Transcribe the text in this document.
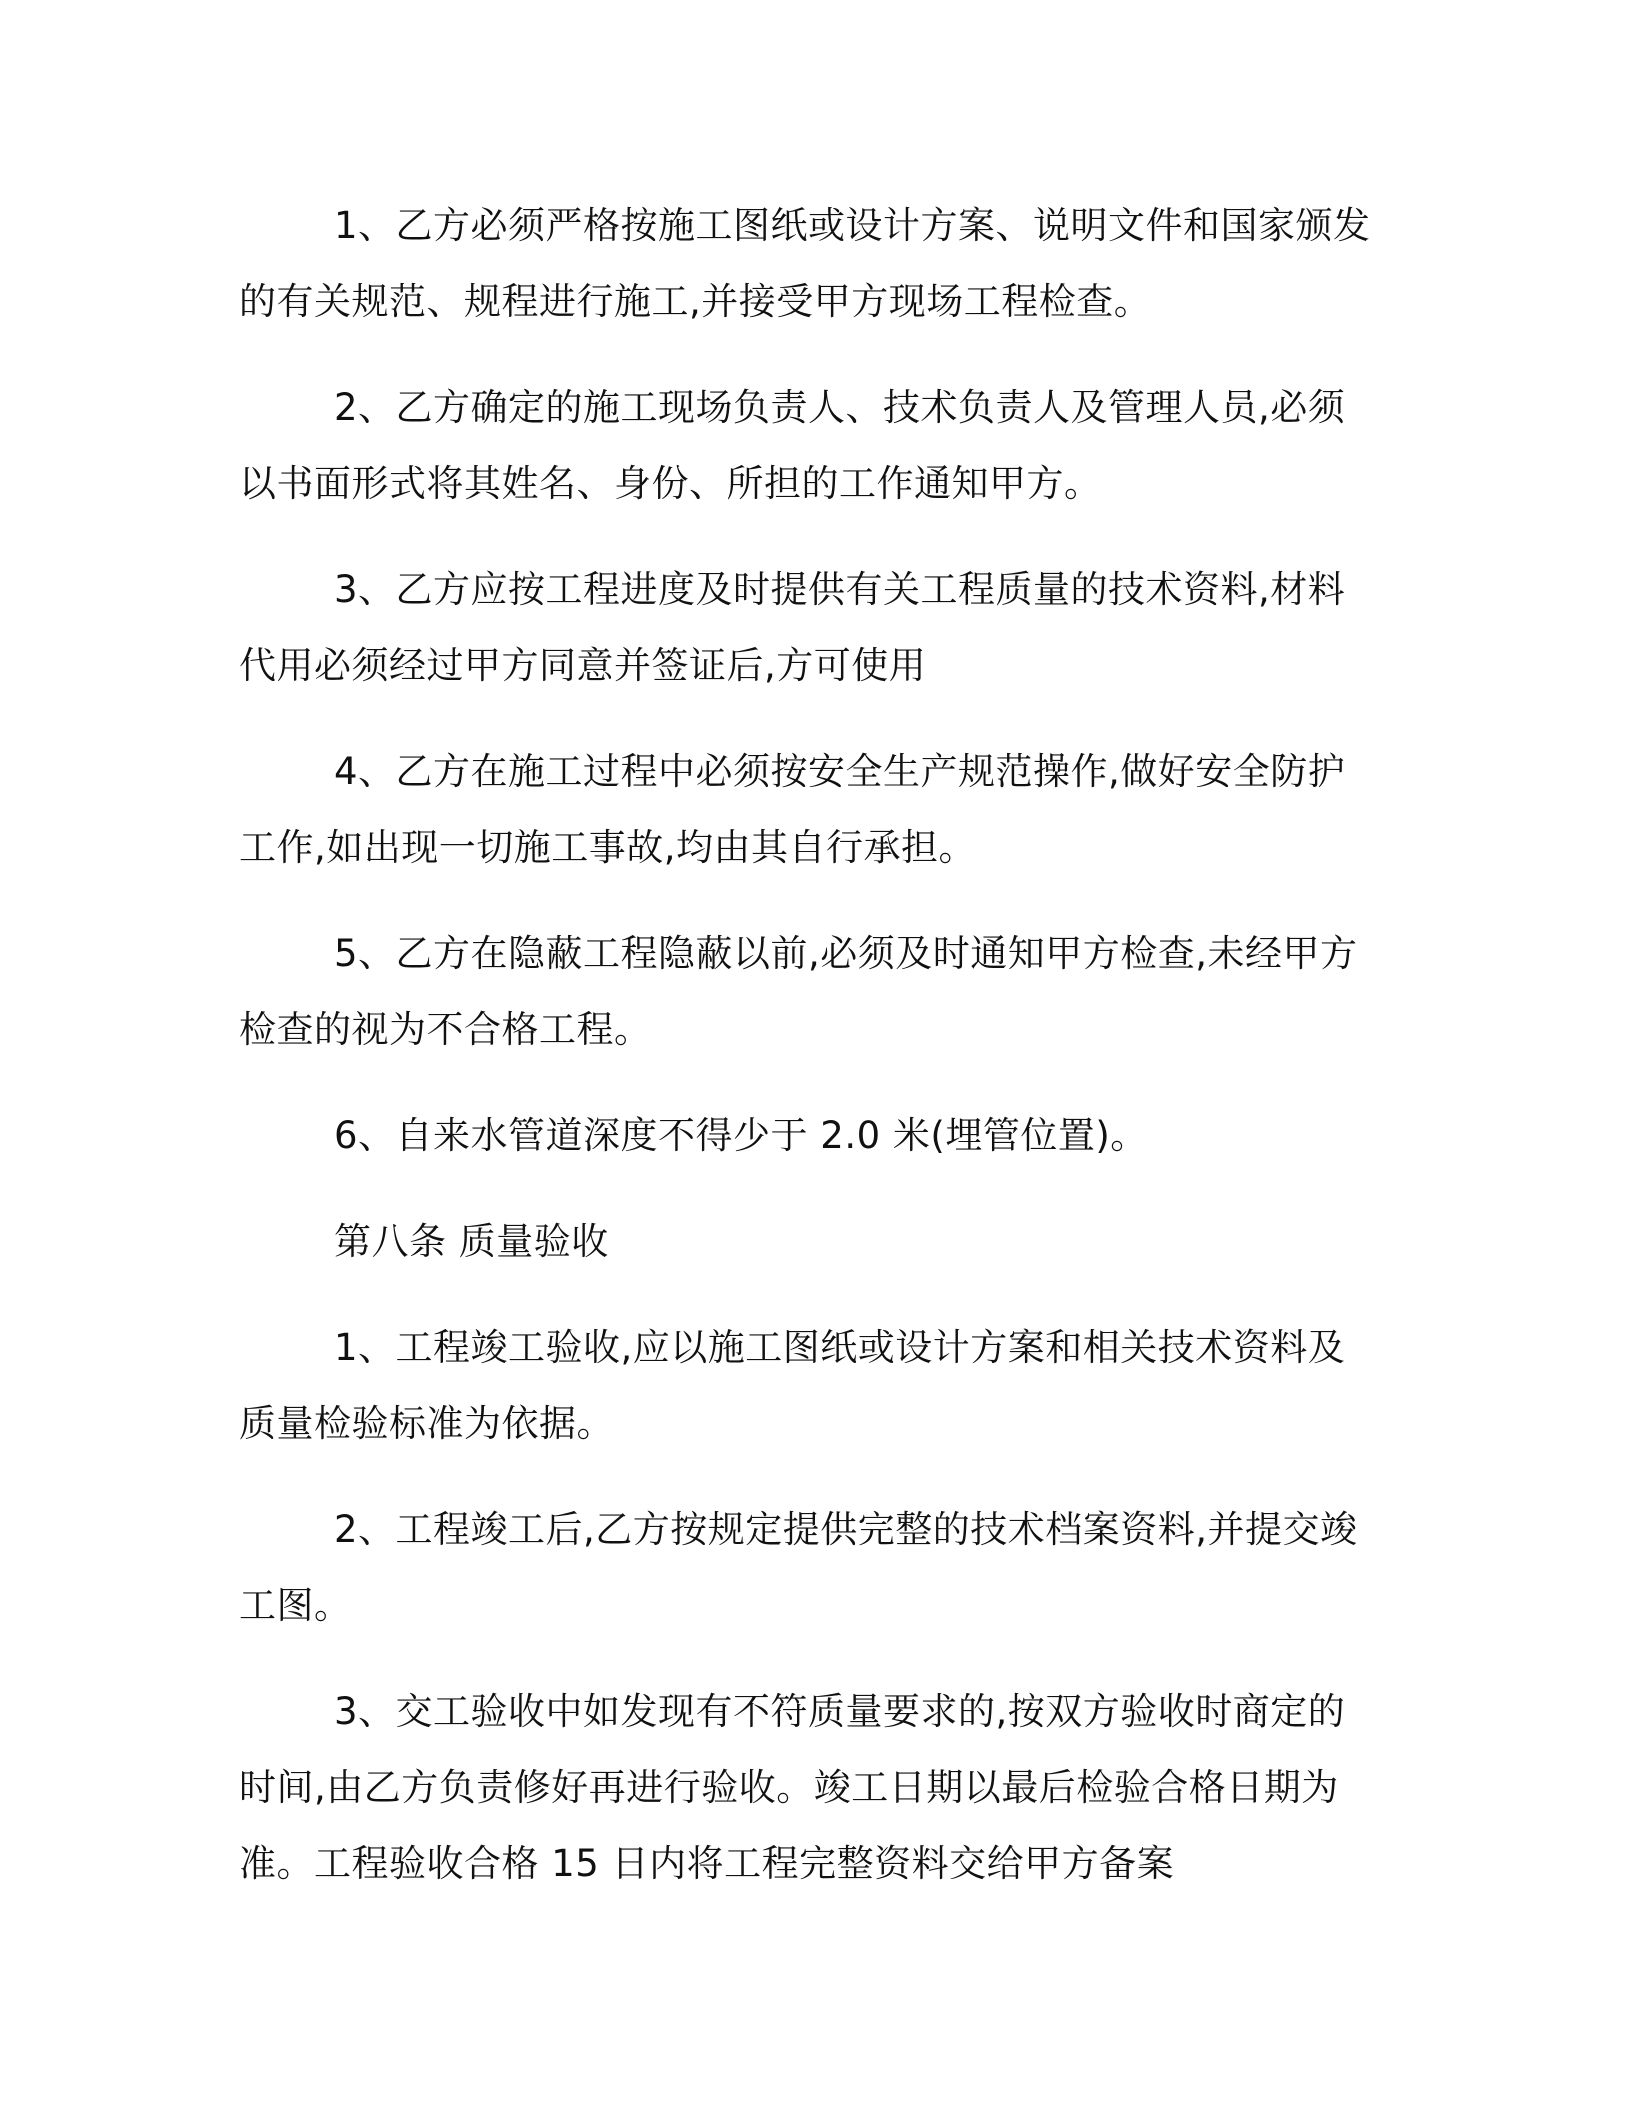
1、乙方必须严格按施工图纸或设计方案、说明文件和国家颁发的有关规范、规程进行施工,并接受甲方现场工程检查。

2、乙方确定的施工现场负责人、技术负责人及管理人员,必须以书面形式将其姓名、身份、所担的工作通知甲方。

3、乙方应按工程进度及时提供有关工程质量的技术资料,材料代用必须经过甲方同意并签证后,方可使用

4、乙方在施工过程中必须按安全生产规范操作,做好安全防护工作,如出现一切施工事故,均由其自行承担。

5、乙方在隐蔽工程隐蔽以前,必须及时通知甲方检查,未经甲方检查的视为不合格工程。

6、自来水管道深度不得少于 2.0 米(埋管位置)。

第八条 质量验收

1、工程竣工验收,应以施工图纸或设计方案和相关技术资料及质量检验标准为依据。

2、工程竣工后,乙方按规定提供完整的技术档案资料,并提交竣工图。

3、交工验收中如发现有不符质量要求的,按双方验收时商定的时间,由乙方负责修好再进行验收。竣工日期以最后检验合格日期为准。工程验收合格 15 日内将工程完整资料交给甲方备案
